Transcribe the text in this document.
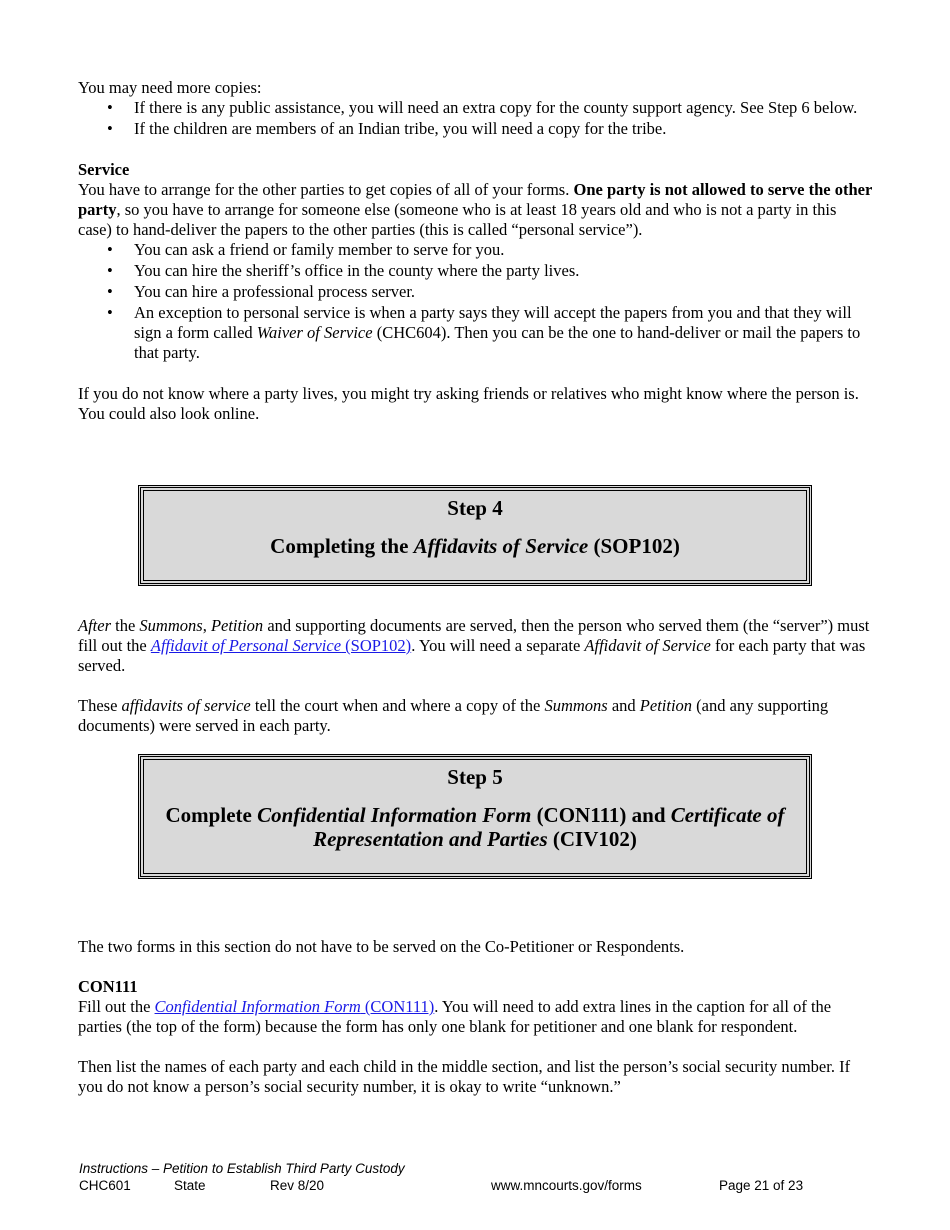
You may need more copies:

• If there is any public assistance, you will need an extra copy for the county support agency. See Step 6 below.
• If the children are members of an Indian tribe, you will need a copy for the tribe.

Service

You have to arrange for the other parties to get copies of all of your forms. One party is not allowed to serve the other party, so you have to arrange for someone else (someone who is at least 18 years old and who is not a party in this case) to hand-deliver the papers to the other parties (this is called “personal service”).

• You can ask a friend or family member to serve for you.
• You can hire the sheriff’s office in the county where the party lives.
• You can hire a professional process server.
• An exception to personal service is when a party says they will accept the papers from you and that they will sign a form called Waiver of Service (CHC604). Then you can be the one to hand-deliver or mail the papers to that party.

If you do not know where a party lives, you might try asking friends or relatives who might know where the person is. You could also look online.

Step 4

Completing the Affidavits of Service (SOP102)

After the Summons, Petition and supporting documents are served, then the person who served them (the “server”) must fill out the Affidavit of Personal Service (SOP102). You will need a separate Affidavit of Service for each party that was served.

These affidavits of service tell the court when and where a copy of the Summons and Petition (and any supporting documents) were served in each party.

Step 5

Complete Confidential Information Form (CON111) and Certificate of Representation and Parties (CIV102)

The two forms in this section do not have to be served on the Co-Petitioner or Respondents.

CON111

Fill out the Confidential Information Form (CON111). You will need to add extra lines in the caption for all of the parties (the top of the form) because the form has only one blank for petitioner and one blank for respondent.

Then list the names of each party and each child in the middle section, and list the person’s social security number. If you do not know a person’s social security number, it is okay to write “unknown.”

Instructions – Petition to Establish Third Party Custody
CHC601	State	Rev 8/20	www.mncourts.gov/forms	Page 21 of 23
